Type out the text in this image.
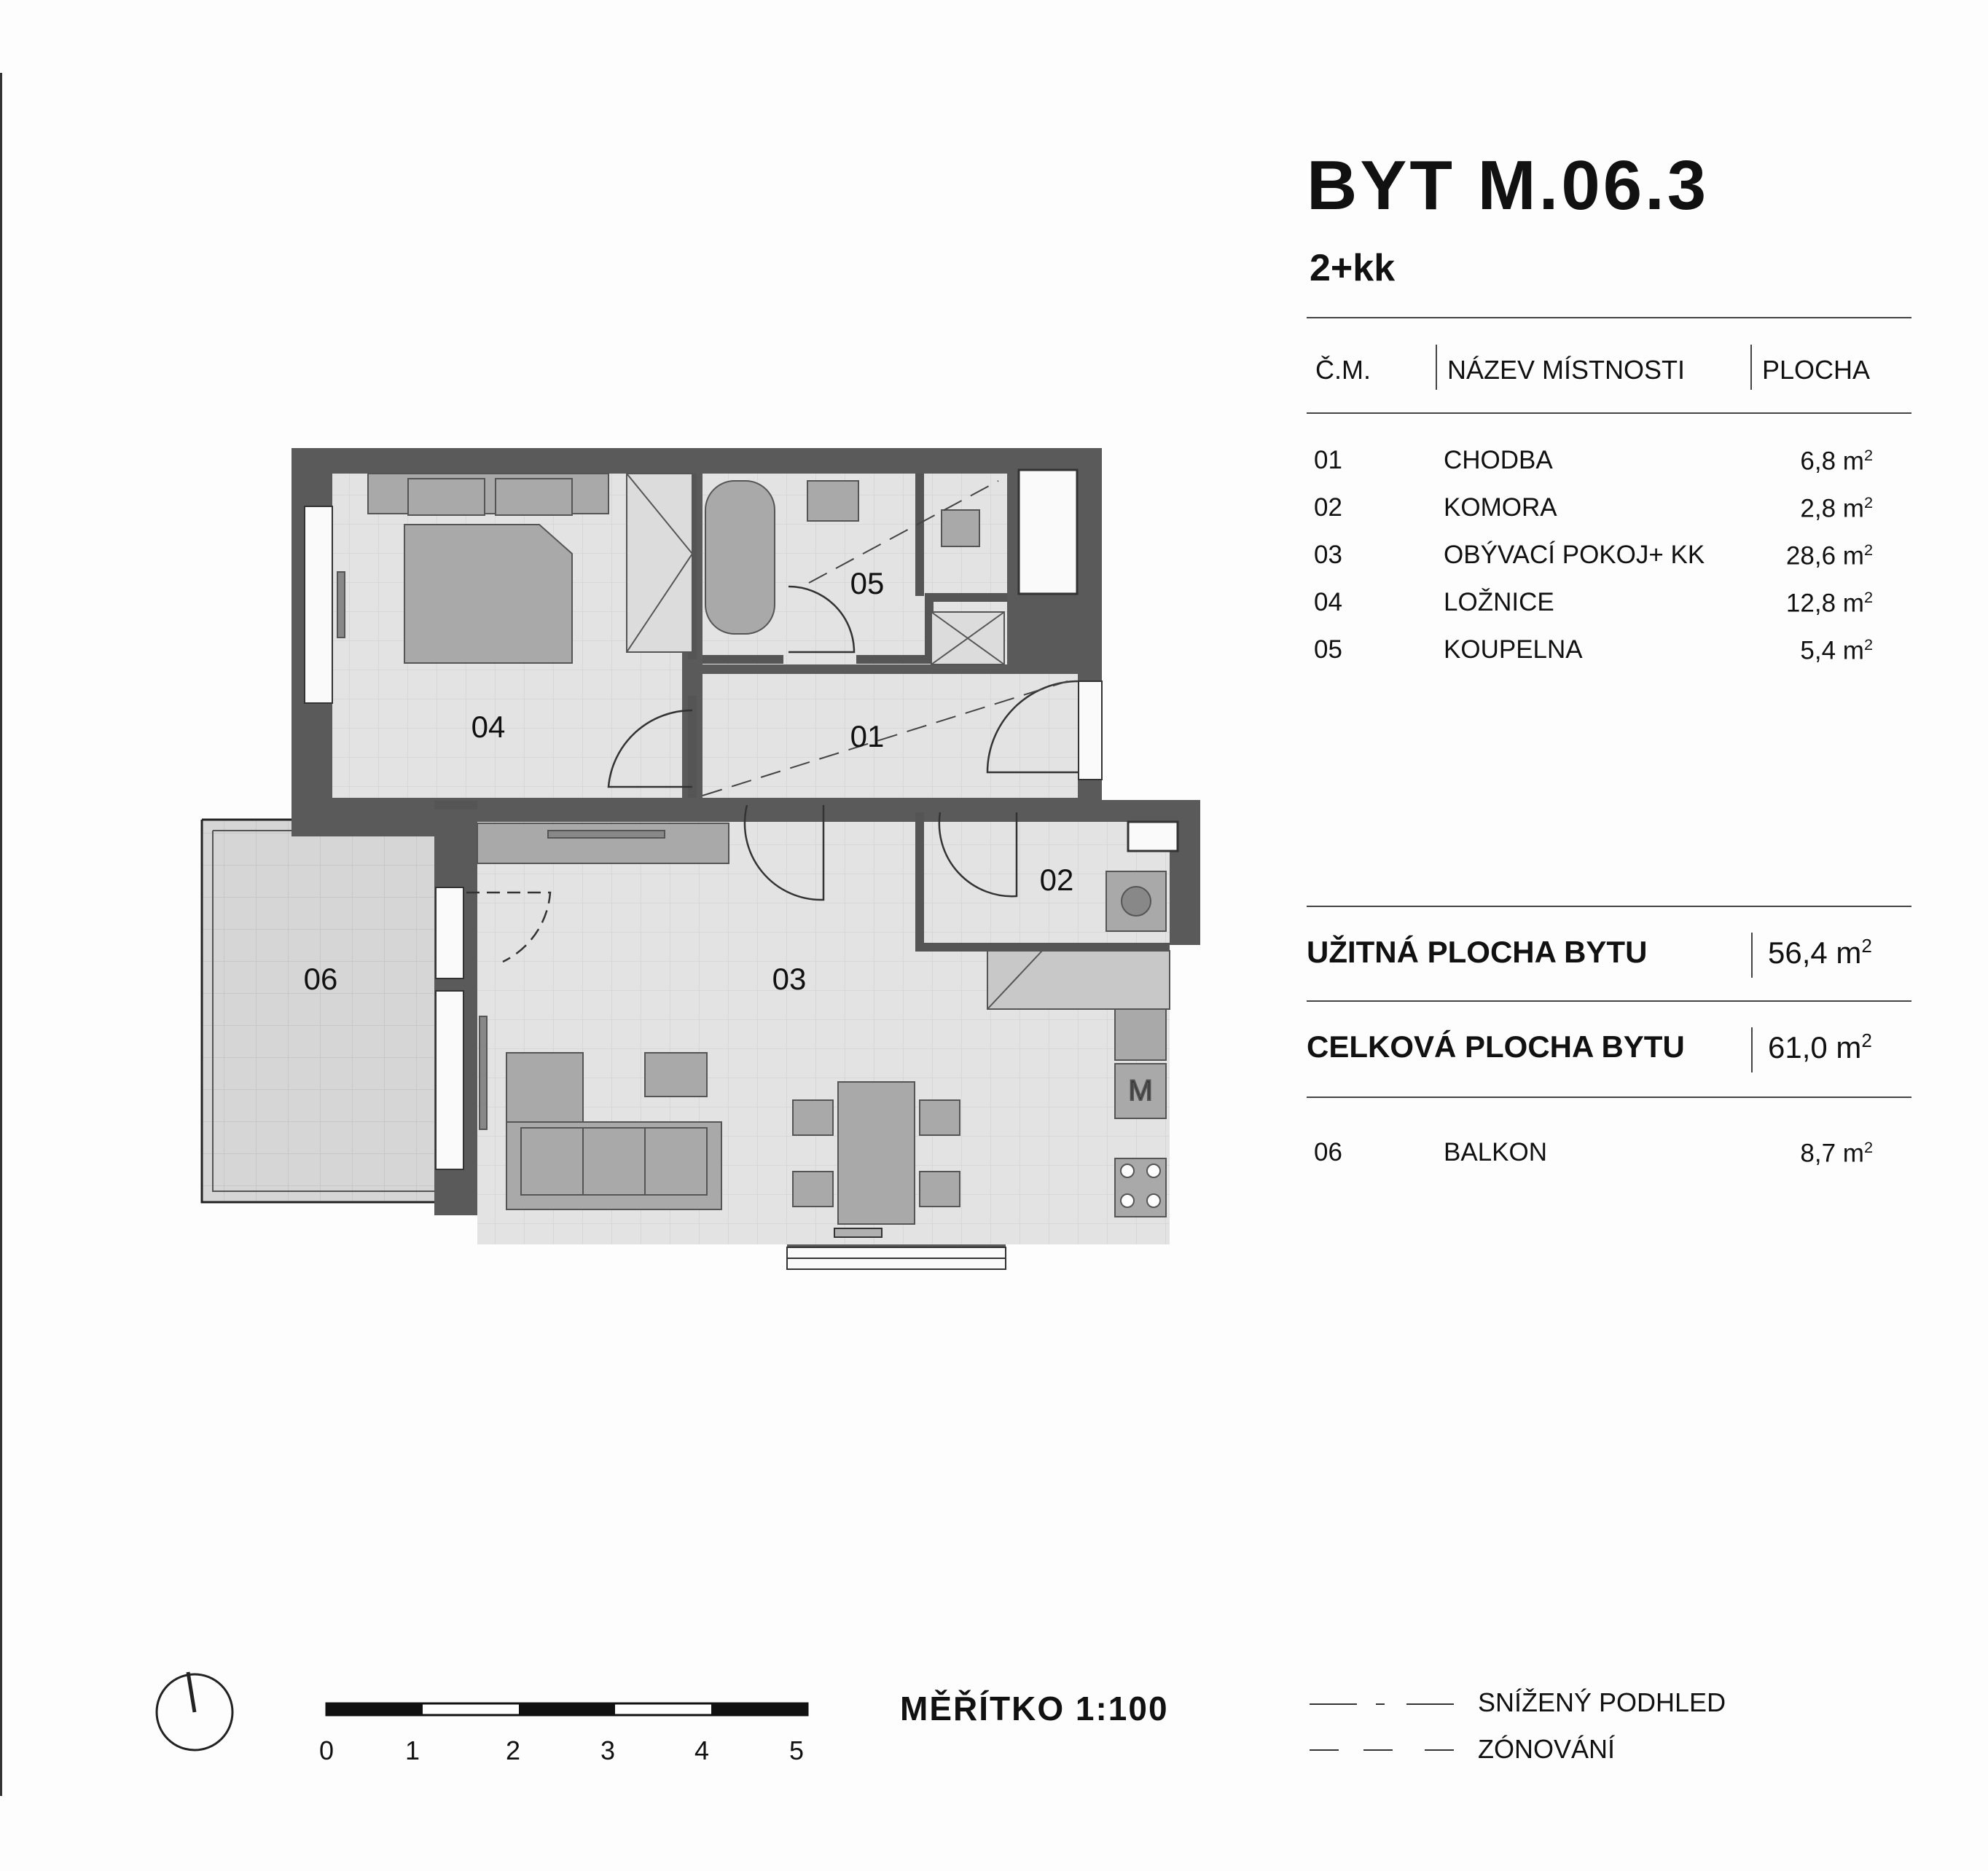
M
05
04	01
02
06	03
BYT M.06.3
2+kk
Č.M.	NÁZEV MÍSTNOSTI	PLOCHA
01	CHODBA	6,8 $m^2$
02	KOMORA	2,8 $m^2$
03	OBÝVACÍ POKOJ+ KK	28,6 $m^2$
04	LOŽNICE	12,8 $m^2$
05	KOUPELNA	5,4 $m^2$
UŽITNÁ PLOCHA BYTU	56,4 $m^2$
CELKOVÁ PLOCHA BYTU	61,0 $m^2$
06	BALKON	8,7 $m^2$
0	1	2	3	4	5
MĚŘÍTKO 1:100	SNÍŽENÝ PODHLED
ZÓNOVÁNÍ
